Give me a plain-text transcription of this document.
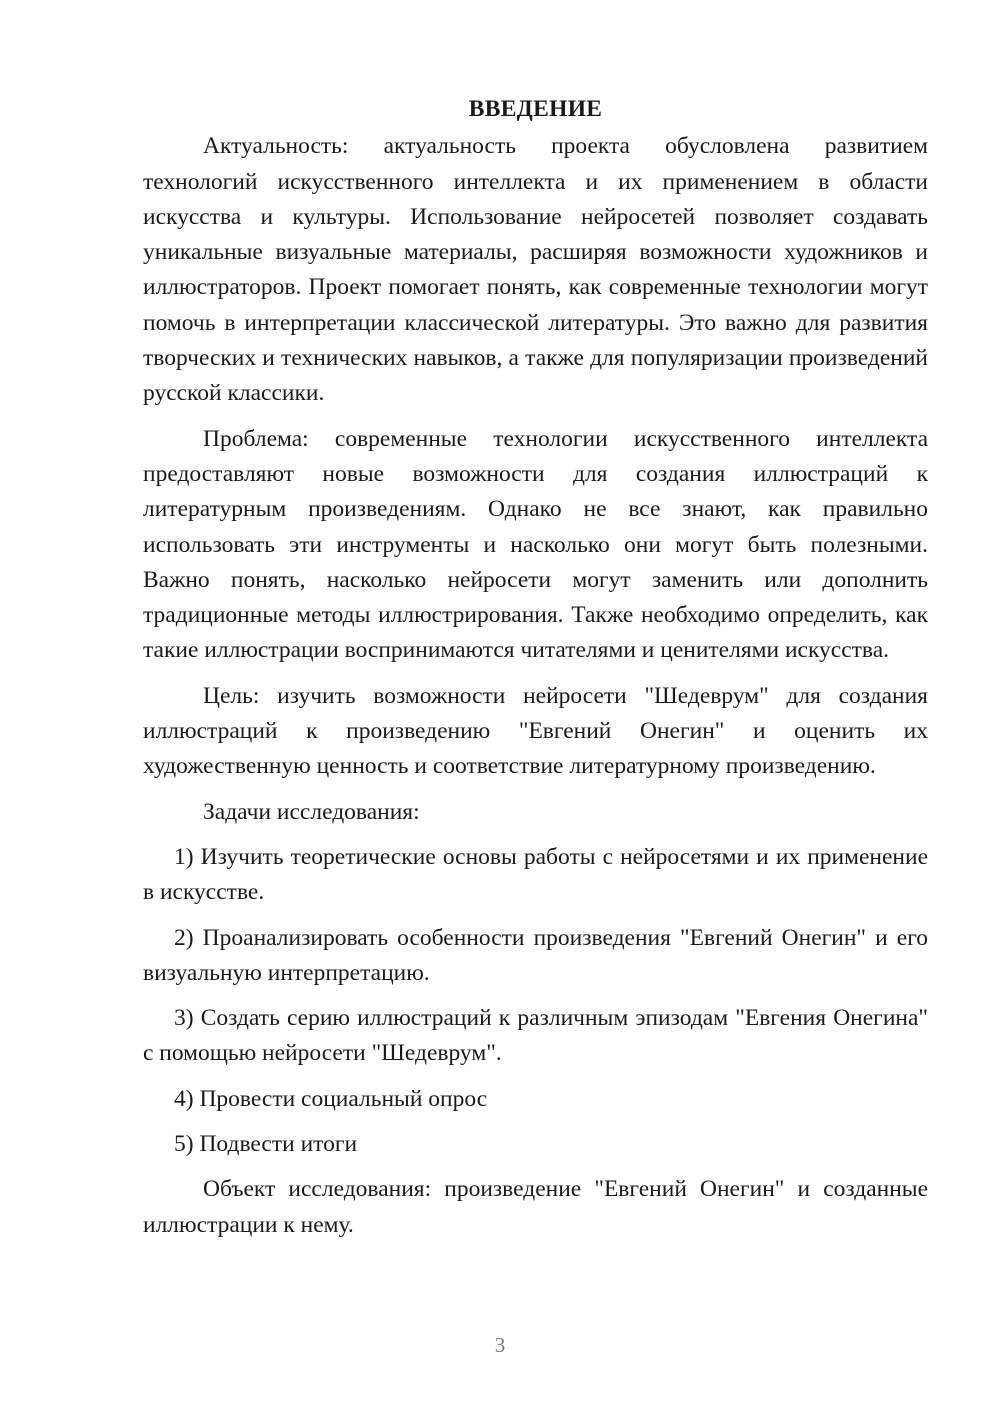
ВВЕДЕНИЕ

Актуальность: актуальность проекта обусловлена развитием технологий искусственного интеллекта и их применением в области искусства и культуры. Использование нейросетей позволяет создавать уникальные визуальные материалы, расширяя возможности художников и иллюстраторов. Проект помогает понять, как современные технологии могут помочь в интерпретации классической литературы. Это важно для развития творческих и технических навыков, а также для популяризации произведений русской классики.

Проблема: современные технологии искусственного интеллекта предоставляют новые возможности для создания иллюстраций к литературным произведениям. Однако не все знают, как правильно использовать эти инструменты и насколько они могут быть полезными. Важно понять, насколько нейросети могут заменить или дополнить традиционные методы иллюстрирования. Также необходимо определить, как такие иллюстрации воспринимаются читателями и ценителями искусства.

Цель: изучить возможности нейросети "Шедеврум" для создания иллюстраций к произведению "Евгений Онегин" и оценить их художественную ценность и соответствие литературному произведению.

Задачи исследования:

1) Изучить теоретические основы работы с нейросетями и их применение в искусстве.

2) Проанализировать особенности произведения "Евгений Онегин" и его визуальную интерпретацию.

3) Создать серию иллюстраций к различным эпизодам "Евгения Онегина" с помощью нейросети "Шедеврум".

4) Провести социальный опрос

5) Подвести итоги

Объект исследования: произведение "Евгений Онегин" и созданные иллюстрации к нему.

3
